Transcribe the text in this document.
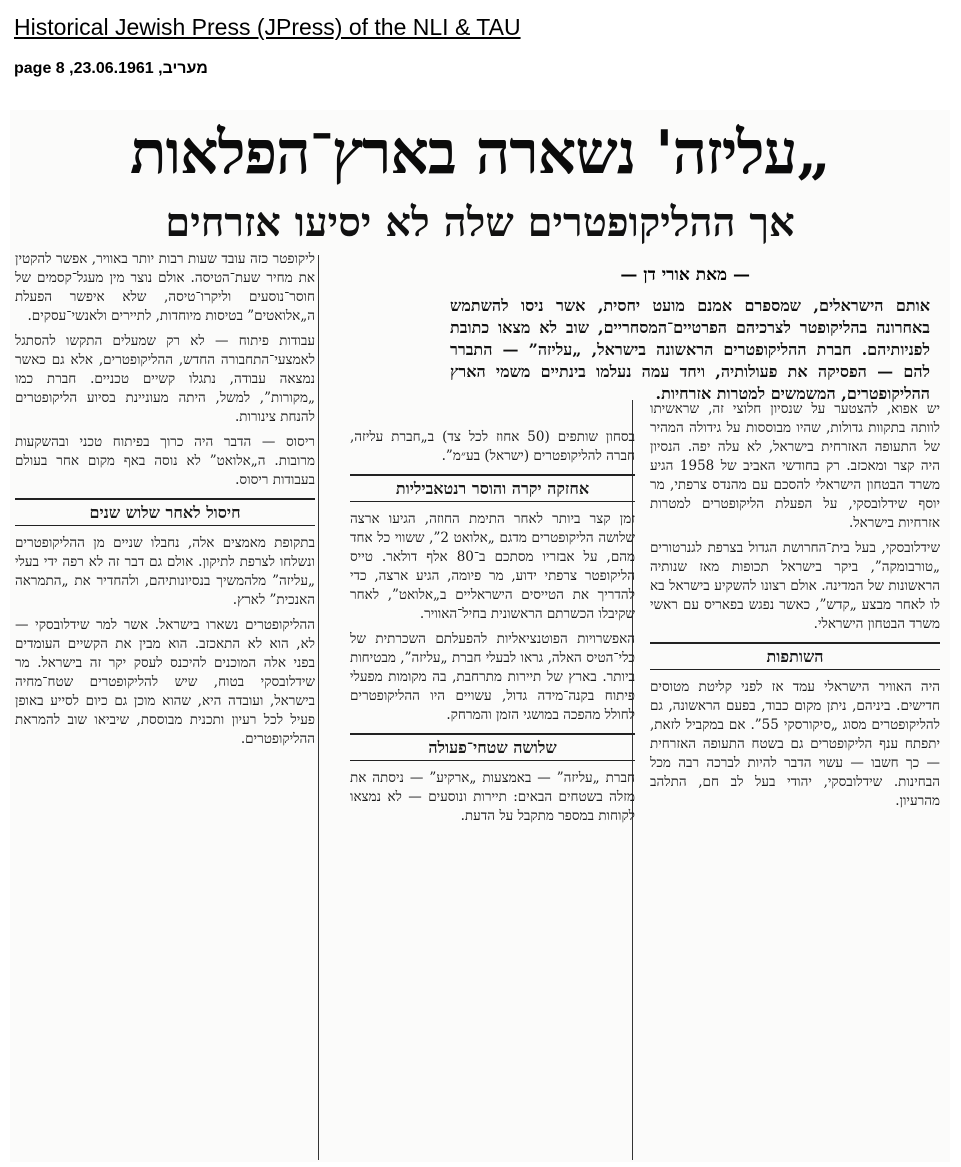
Historical Jewish Press (JPress) of the NLI & TAU
מעריב, 23.06.1961, page 8
„עליזה' נשארה בארץ־הפלאות
אך ההליקופטרים שלה לא יסיעו אזרחים
— מאת אורי דן —
אותם הישראלים, שמספרם אמנם מועט יחסית, אשר ניסו להשתמש באחרונה בהליקופטר לצרכיהם הפרטיים־המסחריים, שוב לא מצאו כתובת לפניותיהם. חברת ההליקופטרים הראשונה בישראל, „עליזה” — התברר להם — הפסיקה את פעולותיה, ויחד עמה נעלמו בינתיים משמי הארץ ההליקופטרים, המשמשים למטרות אזרחיות.

יש אפוא, להצטער על שנסיון חלוצי זה, שראשיתו לוותה בתקוות גדולות, שהיו מבוססות על גידולה המהיר של התעופה האזרחית בישראל, לא עלה יפה. הנסיון היה קצר ומאכזב. רק בחודשי האביב של 1958 הגיע משרד הבטחון הישראלי להסכם עם מהנדס צרפתי, מר יוסף שידלובסקי, על הפעלת הליקופטרים למטרות אזרחיות בישראל.

שידלובסקי, בעל בית־החרושת הגדול בצרפת לגנרטורים „טורבומקה”, ביקר בישראל תכופות מאז שנותיה הראשונות של המדינה. אולם רצונו להשקיע בישראל בא לו לאחר מבצע „קדש”, כאשר נפגש בפאריס עם ראשי משרד הבטחון הישראלי.

השותפות

היה האוויר הישראלי עמד אז לפני קליטת מטוסים חדישים. ביניהם, ניתן מקום כבוד, בפעם הראשונה, גם להליקופטרים מסוג „סיקורסקי 55”. אם במקביל לזאת, יתפתח ענף הליקופטרים גם בשטח התעופה האזרחית — כך חשבו — עשוי הדבר להיות לברכה רבה מכל הבחינות. שידלובסקי, יהודי בעל לב חם, התלהב מהרעיון.

בסחון שותפים (50 אחוז לכל צד) ב„חברת עליזה, חברה להליקופטרים (ישראל) בע״מ”.

אחזקה יקרה והוסר רנטאביליות

זמן קצר ביותר לאחר התימת החוזה, הגיעו ארצה שלושה הליקופטרים מדגם „אלואט 2”, ששווי כל אחד מהם, על אבזריו מסתכם ב־80 אלף דולאר. טייס הליקופטר צרפתי ידוע, מר פיומה, הגיע ארצה, כדי להדריך את הטייסים הישראליים ב„אלואט”, לאחר שקיבלו הכשרתם הראשונית בחיל־האוויר.

האפשרויות הפוטנציאליות להפעלתם השכרתית של כלי־הטיס האלה, גראו לבעלי חברת „עליזה”, מבטיחות ביותר. בארץ של תיירות מתרחבת, בה מקומות מפעלי פיתוח בקנה־מידה גדול, עשויים היו ההליקופטרים לחולל מהפכה במושגי הזמן והמרחק.

שלושה שטחי־פעולה

חברת „עליזה” — באמצעות „ארקיע” — ניסתה את מזלה בשטחים הבאים: תיירות ונוסעים — לא נמצאו לקוחות במספר מתקבל על הדעת.

ליקופטר כזה עובד שעות רבות יותר באוויר, אפשר להקטין את מחיר שעת־הטיסה. אולם נוצר מין מעגל־קסמים של חוסר־נוסעים וליקרו־טיסה, שלא איפשר הפעלת ה„אלואטים” בטיסות מיוחדות, לתיירים ולאנשי־עסקים.

עבודות פיתוח — לא רק שמעלים התקשו להסתגל לאמצעי־התחבורה החדש, ההליקופטרים, אלא גם כאשר נמצאה עבודה, נתגלו קשיים טכניים. חברת כמו „מקורות”, למשל, היתה מעוניינת בסיוע הליקופטרים להנחת צינורות.

ריסוס — הדבר היה כרוך בפיתוח טכני ובהשקעות מרובות. ה„אלואט” לא נוסה באף מקום אחר בעולם בעבודות ריסוס.

חיסול לאחר שלוש שנים

בתקופת מאמצים אלה, נחבלו שניים מן ההליקופטרים ונשלחו לצרפת לתיקון. אולם גם דבר זה לא רפה ידי בעלי „עליזה” מלהמשיך בנסיונותיהם, ולהחדיר את „התמראה האנכית” לארץ.

ההליקופטרים נשארו בישראל. אשר למר שידלובסקי — לא, הוא לא התאכזב. הוא מבין את הקשיים העומדים בפני אלה המוכנים להיכנס לעסק יקר זה בישראל. מר שידלובסקי בטוח, שיש להליקופטרים שטח־מחיה בישראל, ועובדה היא, שהוא מוכן גם כיום לסייע באופן פעיל לכל רעיון ותכנית מבוססת, שיביאו שוב להמראת ההליקופטרים.
